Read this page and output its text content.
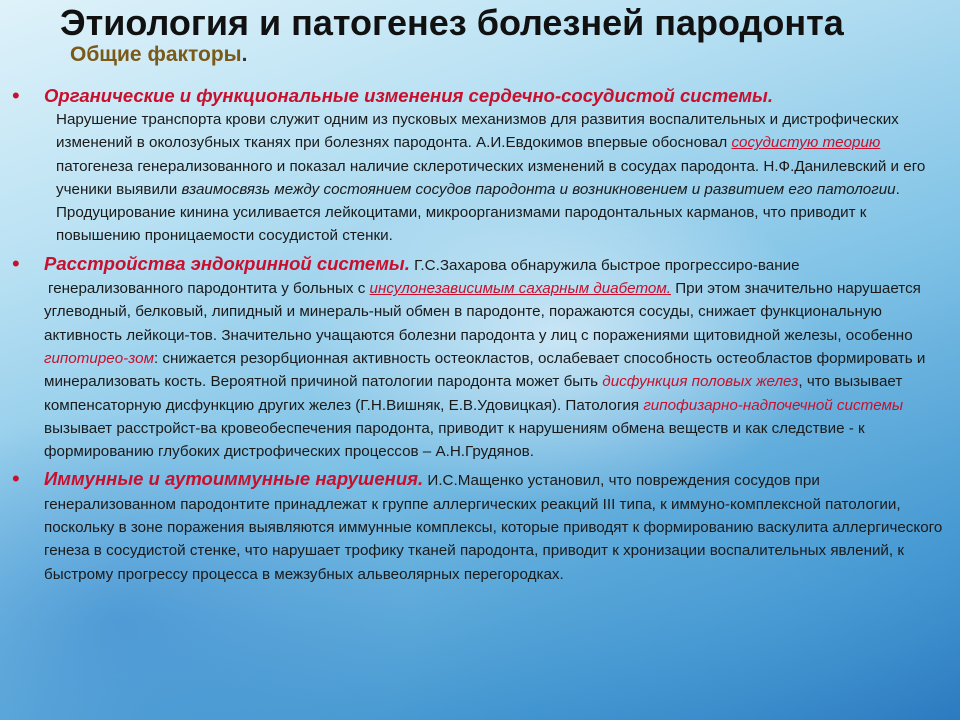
Этиология и патогенез болезней пародонта
Общие факторы.
• Органические и функциональные изменения сердечно-сосудистой системы.
Нарушение транспорта крови служит одним из пусковых механизмов для развития воспалительных и дистрофических изменений в околозубных тканях при болезнях пародонта. А.И.Евдокимов впервые обосновал сосудистую теорию патогенеза генерализованного и показал наличие склеротических изменений в сосудах пародонта. Н.Ф.Данилевский и его ученики выявили взаимосвязь между состоянием сосудов пародонта и возникновением и развитием его патологии. Продуцирование кинина усиливается лейкоцитами, микроорганизмами пародонтальных карманов, что приводит к повышению проницаемости сосудистой стенки.
• Расстройства эндокринной системы. Г.С.Захарова обнаружила быстрое прогрессиро-вание
генерализованного пародонтита у больных с инсулонезависимым сахарным диабетом. При этом значительно нарушается углеводный, белковый, липидный и минераль-ный обмен в пародонте, поражаются сосуды, снижает функциональную активность лейкоци-тов. Значительно учащаются болезни пародонта у лиц с поражениями щитовидной железы, особенно гипотирео-зом: снижается резорбционная активность остеокластов, ослабевает способность остеобластов формировать и минерализовать кость. Вероятной причиной патологии пародонта может быть дисфункция половых желез, что вызывает компенсаторную дисфункцию других желез (Г.Н.Вишняк, Е.В.Удовицкая). Патология гипофизарно-надпочечной системы вызывает расстройст-ва кровеобеспечения пародонта, приводит к нарушениям обмена веществ и как следствие - к формированию глубоких дистрофических процессов – А.Н.Грудянов.
• Иммунные и аутоиммунные нарушения. И.С.Мащенко установил, что повреждения сосудов при генерализованном пародонтите принадлежат к группе аллергических реакций III типа, к иммуно-комплексной патологии, поскольку в зоне поражения выявляются иммунные комплексы, которые приводят к формированию васкулита аллергического генеза в сосудистой стенке, что нарушает трофику тканей пародонта, приводит к хронизации воспалительных явлений, к быстрому прогрессу процесса в межзубных альвеолярных перегородках.
